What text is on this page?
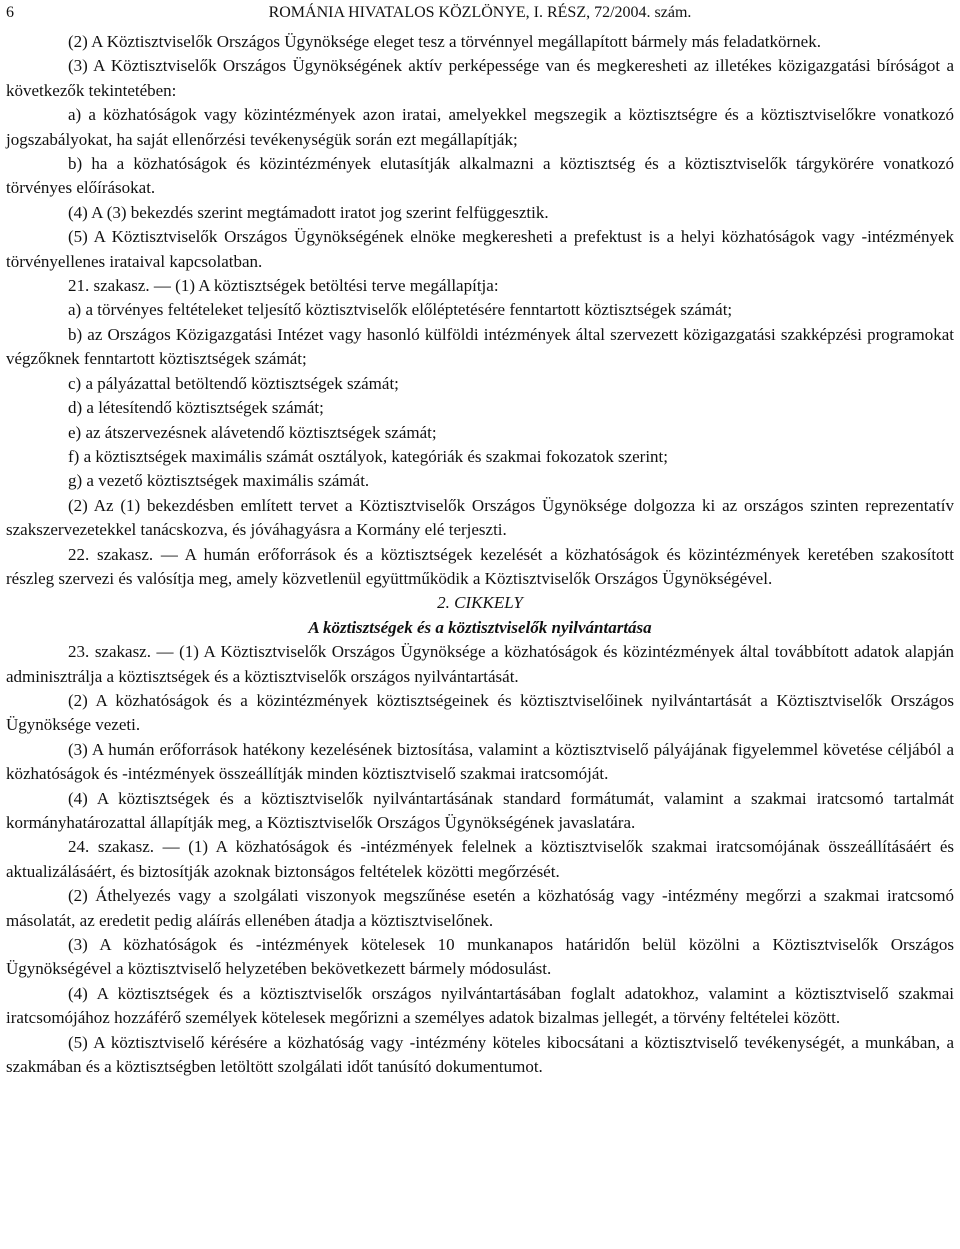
6	ROMÁNIA HIVATALOS KÖZLÖNYE, I. RÉSZ, 72/2004. szám.

(2) A Köztisztviselők Országos Ügynöksége eleget tesz a törvénnyel megállapított bármely más feladatkörnek.

(3) A Köztisztviselők Országos Ügynökségének aktív perképessége van és megkeresheti az illetékes közigazgatási bíróságot a következők tekintetében:

a) a közhatóságok vagy közintézmények azon iratai, amelyekkel megszegik a köztisztségre és a köztisztviselőkre vonatkozó jogszabályokat, ha saját ellenőrzési tevékenységük során ezt megállapítják;

b) ha a közhatóságok és közintézmények elutasítják alkalmazni a köztisztség és a köztisztviselők tárgykörére vonatkozó törvényes előírásokat.

(4) A (3) bekezdés szerint megtámadott iratot jog szerint felfüggesztik.

(5) A Köztisztviselők Országos Ügynökségének elnöke megkeresheti a prefektust is a helyi közhatóságok vagy -intézmények törvényellenes irataival kapcsolatban.

21. szakasz. — (1) A köztisztségek betöltési terve megállapítja:

a) a törvényes feltételeket teljesítő köztisztviselők előléptetésére fenntartott köztisztségek számát;

b) az Országos Közigazgatási Intézet vagy hasonló külföldi intézmények által szervezett közigazgatási szakképzési programokat végzőknek fenntartott köztisztségek számát;

c) a pályázattal betöltendő köztisztségek számát;

d) a létesítendő köztisztségek számát;

e) az átszervezésnek alávetendő köztisztségek számát;

f) a köztisztségek maximális számát osztályok, kategóriák és szakmai fokozatok szerint;

g) a vezető köztisztségek maximális számát.

(2) Az (1) bekezdésben említett tervet a Köztisztviselők Országos Ügynöksége dolgozza ki az országos szinten reprezentatív szakszervezetekkel tanácskozva, és jóváhagyásra a Kormány elé terjeszti.

22. szakasz. — A humán erőforrások és a köztisztségek kezelését a közhatóságok és közintézmények keretében szakosított részleg szervezi és valósítja meg, amely közvetlenül együttműködik a Köztisztviselők Országos Ügynökségével.

2. CIKKELY

A köztisztségek és a köztisztviselők nyilvántartása

23. szakasz. — (1) A Köztisztviselők Országos Ügynöksége a közhatóságok és közintézmények által továbbított adatok alapján adminisztrálja a köztisztségek és a köztisztviselők országos nyilvántartását.

(2) A közhatóságok és a közintézmények köztisztségeinek és köztisztviselőinek nyilvántartását a Köztisztviselők Országos Ügynöksége vezeti.

(3) A humán erőforrások hatékony kezelésének biztosítása, valamint a köztisztviselő pályájának figyelemmel követése céljából a közhatóságok és -intézmények összeállítják minden köztisztviselő szakmai iratcsomóját.

(4) A köztisztségek és a köztisztviselők nyilvántartásának standard formátumát, valamint a szakmai iratcsomó tartalmát kormányhatározattal állapítják meg, a Köztisztviselők Országos Ügynökségének javaslatára.

24. szakasz. — (1) A közhatóságok és -intézmények felelnek a köztisztviselők szakmai iratcsomójának összeállításáért és aktualizálásáért, és biztosítják azoknak biztonságos feltételek közötti megőrzését.

(2) Áthelyezés vagy a szolgálati viszonyok megszűnése esetén a közhatóság vagy -intézmény megőrzi a szakmai iratcsomó másolatát, az eredetit pedig aláírás ellenében átadja a köztisztviselőnek.

(3) A közhatóságok és -intézmények kötelesek 10 munkanapos határidőn belül közölni a Köztisztviselők Országos Ügynökségével a köztisztviselő helyzetében bekövetkezett bármely módosulást.

(4) A köztisztségek és a köztisztviselők országos nyilvántartásában foglalt adatokhoz, valamint a köztisztviselő szakmai iratcsomójához hozzáférő személyek kötelesek megőrizni a személyes adatok bizalmas jellegét, a törvény feltételei között.

(5) A köztisztviselő kérésére a közhatóság vagy -intézmény köteles kibocsátani a köztisztviselő tevékenységét, a munkában, a szakmában és a köztisztségben letöltött szolgálati időt tanúsító dokumentumot.
